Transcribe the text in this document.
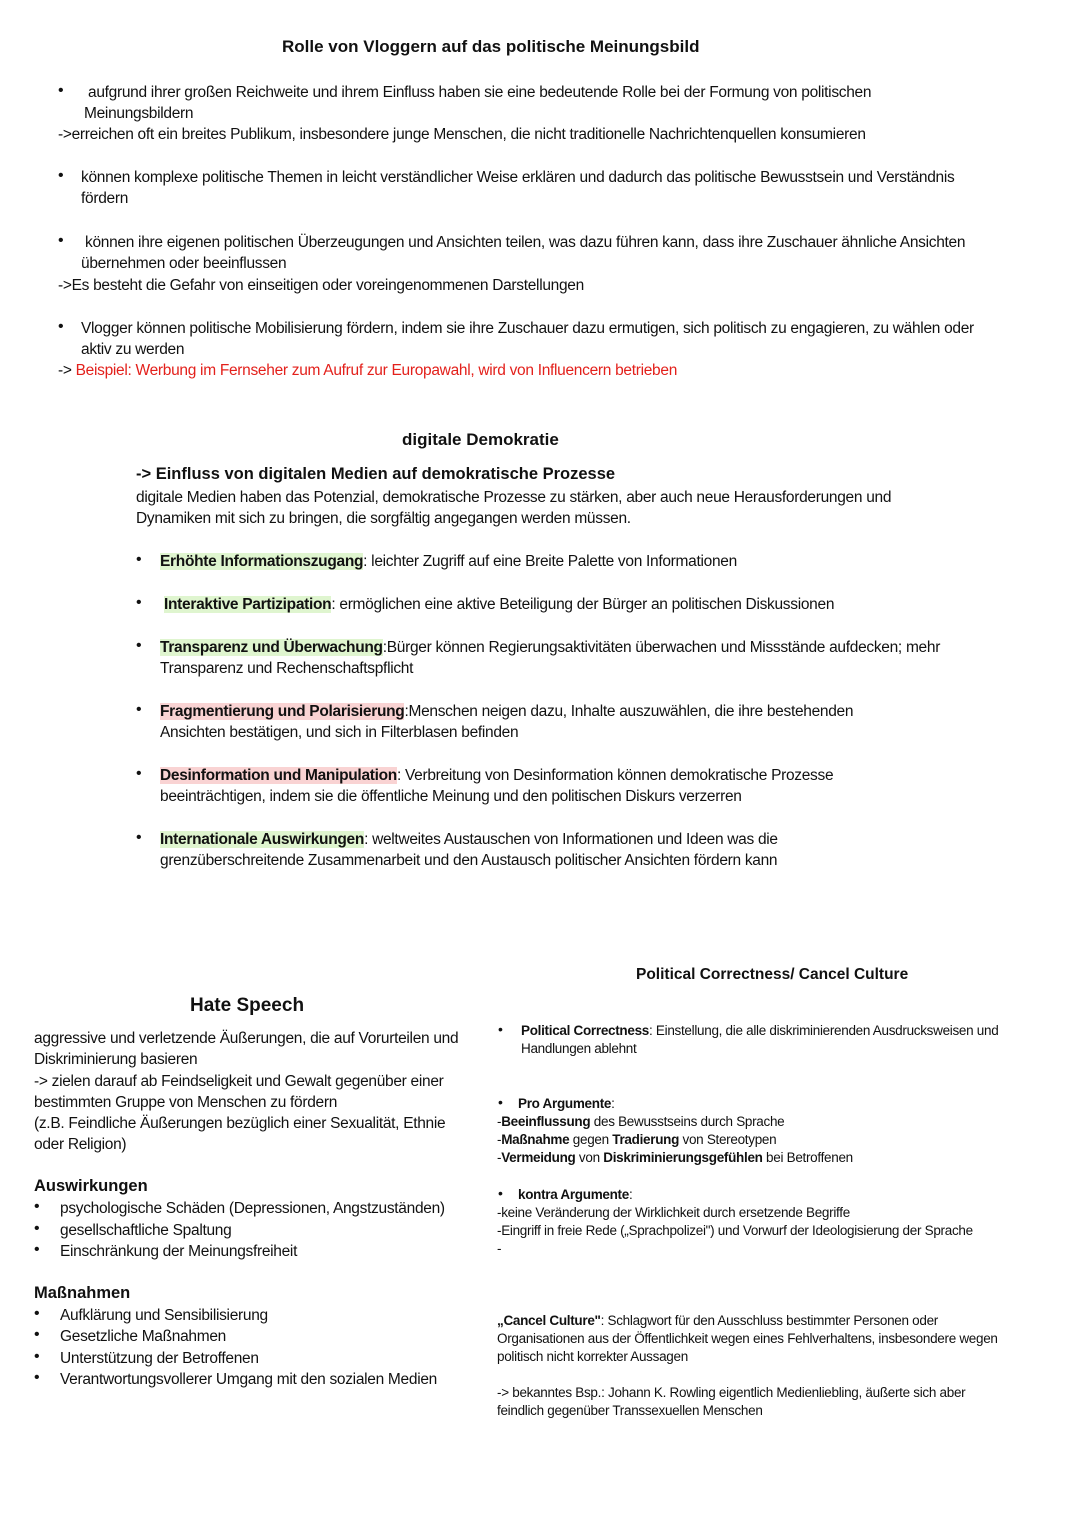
Rolle von Vloggern auf das politische Meinungsbild
• aufgrund ihrer großen Reichweite und ihrem Einfluss haben sie eine bedeutende Rolle bei der Formung von politischen Meinungsbildern
->erreichen oft ein breites Publikum, insbesondere junge Menschen, die nicht traditionelle Nachrichtenquellen konsumieren
• können komplexe politische Themen in leicht verständlicher Weise erklären und dadurch das politische Bewusstsein und Verständnis fördern
• können ihre eigenen politischen Überzeugungen und Ansichten teilen, was dazu führen kann, dass ihre Zuschauer ähnliche Ansichten übernehmen oder beeinflussen
->Es besteht die Gefahr von einseitigen oder voreingenommenen Darstellungen
• Vlogger können politische Mobilisierung fördern, indem sie ihre Zuschauer dazu ermutigen, sich politisch zu engagieren, zu wählen oder aktiv zu werden
-> Beispiel: Werbung im Fernseher zum Aufruf zur Europawahl, wird von Influencern betrieben
digitale Demokratie
-> Einfluss von digitalen Medien auf demokratische Prozesse
digitale Medien haben das Potenzial, demokratische Prozesse zu stärken, aber auch neue Herausforderungen und Dynamiken mit sich zu bringen, die sorgfältig angegangen werden müssen.
• Erhöhte Informationszugang: leichter Zugriff auf eine Breite Palette von Informationen
• Interaktive Partizipation: ermöglichen eine aktive Beteiligung der Bürger an politischen Diskussionen
• Transparenz und Überwachung:Bürger können Regierungsaktivitäten überwachen und Missstände aufdecken; mehr Transparenz und Rechenschaftspflicht
• Fragmentierung und Polarisierung:Menschen neigen dazu, Inhalte auszuwählen, die ihre bestehenden Ansichten bestätigen, und sich in Filterblasen befinden
• Desinformation und Manipulation: Verbreitung von Desinformation können demokratische Prozesse beeinträchtigen, indem sie die öffentliche Meinung und den politischen Diskurs verzerren
• Internationale Auswirkungen: weltweites Austauschen von Informationen und Ideen was die grenzüberschreitende Zusammenarbeit und den Austausch politischer Ansichten fördern kann
Hate Speech
aggressive und verletzende Äußerungen, die auf Vorurteilen und Diskriminierung basieren
-> zielen darauf ab Feindseligkeit und Gewalt gegenüber einer bestimmten Gruppe von Menschen zu fördern
(z.B. Feindliche Äußerungen bezüglich einer Sexualität, Ethnie oder Religion)
Auswirkungen
• psychologische Schäden (Depressionen, Angstzuständen)
• gesellschaftliche Spaltung
• Einschränkung der Meinungsfreiheit
Maßnahmen
• Aufklärung und Sensibilisierung
• Gesetzliche Maßnahmen
• Unterstützung der Betroffenen
• Verantwortungsvollerer Umgang mit den sozialen Medien
Political Correctness/ Cancel Culture
• Political Correctness: Einstellung, die alle diskriminierenden Ausdrucksweisen und Handlungen ablehnt
• Pro Argumente:
-Beeinflussung des Bewusstseins durch Sprache
-Maßnahme gegen Tradierung von Stereotypen
-Vermeidung von Diskriminierungsgefühlen bei Betroffenen
• kontra Argumente:
-keine Veränderung der Wirklichkeit durch ersetzende Begriffe
-Eingriff in freie Rede („Sprachpolizei") und Vorwurf der Ideologisierung der Sprache
-
„Cancel Culture": Schlagwort für den Ausschluss bestimmter Personen oder Organisationen aus der Öffentlichkeit wegen eines Fehlverhaltens, insbesondere wegen politisch nicht korrekter Aussagen
-> bekanntes Bsp.: Johann K. Rowling eigentlich Medienliebling, äußerte sich aber feindlich gegenüber Transsexuellen Menschen
